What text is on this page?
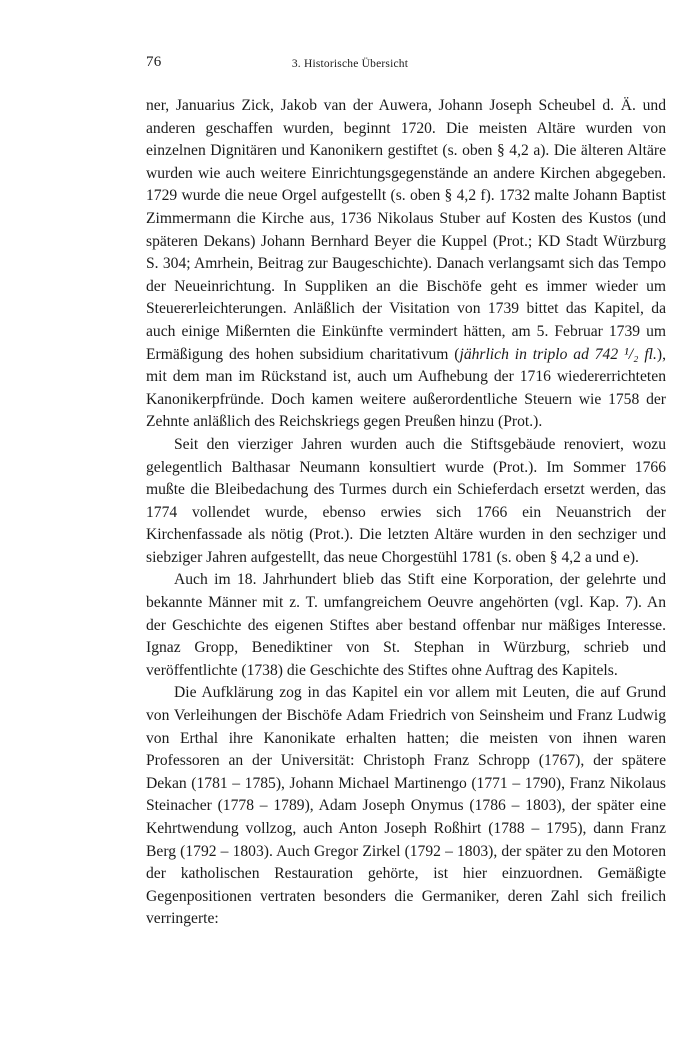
76	3. Historische Übersicht

ner, Januarius Zick, Jakob van der Auwera, Johann Joseph Scheubel d. Ä. und anderen geschaffen wurden, beginnt 1720. Die meisten Altäre wurden von einzelnen Dignitären und Kanonikern gestiftet (s. oben § 4,2 a). Die älteren Altäre wurden wie auch weitere Einrichtungsgegenstände an andere Kirchen abgegeben. 1729 wurde die neue Orgel aufgestellt (s. oben § 4,2 f). 1732 malte Johann Baptist Zimmermann die Kirche aus, 1736 Nikolaus Stuber auf Kosten des Kustos (und späteren Dekans) Johann Bernhard Beyer die Kuppel (Prot.; KD Stadt Würzburg S. 304; Amrhein, Beitrag zur Baugeschichte). Danach verlangsamt sich das Tempo der Neueinrichtung. In Suppliken an die Bischöfe geht es immer wieder um Steuererleichterungen. Anläßlich der Visitation von 1739 bittet das Kapitel, da auch einige Mißernten die Einkünfte vermindert hätten, am 5. Februar 1739 um Ermäßigung des hohen subsidium charitativum (jährlich in triplo ad 742 ¹/₂ fl.), mit dem man im Rückstand ist, auch um Aufhebung der 1716 wiedererrichteten Kanonikerpfründe. Doch kamen weitere außerordentliche Steuern wie 1758 der Zehnte anläßlich des Reichskriegs gegen Preußen hinzu (Prot.).

Seit den vierziger Jahren wurden auch die Stiftsgebäude renoviert, wozu gelegentlich Balthasar Neumann konsultiert wurde (Prot.). Im Sommer 1766 mußte die Bleibedachung des Turmes durch ein Schieferdach ersetzt werden, das 1774 vollendet wurde, ebenso erwies sich 1766 ein Neuanstrich der Kirchenfassade als nötig (Prot.). Die letzten Altäre wurden in den sechziger und siebziger Jahren aufgestellt, das neue Chorgestühl 1781 (s. oben § 4,2 a und e).

Auch im 18. Jahrhundert blieb das Stift eine Korporation, der gelehrte und bekannte Männer mit z. T. umfangreichem Oeuvre angehörten (vgl. Kap. 7). An der Geschichte des eigenen Stiftes aber bestand offenbar nur mäßiges Interesse. Ignaz Gropp, Benediktiner von St. Stephan in Würzburg, schrieb und veröffentlichte (1738) die Geschichte des Stiftes ohne Auftrag des Kapitels.

Die Aufklärung zog in das Kapitel ein vor allem mit Leuten, die auf Grund von Verleihungen der Bischöfe Adam Friedrich von Seinsheim und Franz Ludwig von Erthal ihre Kanonikate erhalten hatten; die meisten von ihnen waren Professoren an der Universität: Christoph Franz Schropp (1767), der spätere Dekan (1781 – 1785), Johann Michael Martinengo (1771 – 1790), Franz Nikolaus Steinacher (1778 – 1789), Adam Joseph Onymus (1786 – 1803), der später eine Kehrtwendung vollzog, auch Anton Joseph Roßhirt (1788 – 1795), dann Franz Berg (1792 – 1803). Auch Gregor Zirkel (1792 – 1803), der später zu den Motoren der katholischen Restauration gehörte, ist hier einzuordnen. Gemäßigte Gegenpositionen vertraten besonders die Germaniker, deren Zahl sich freilich verringerte:
